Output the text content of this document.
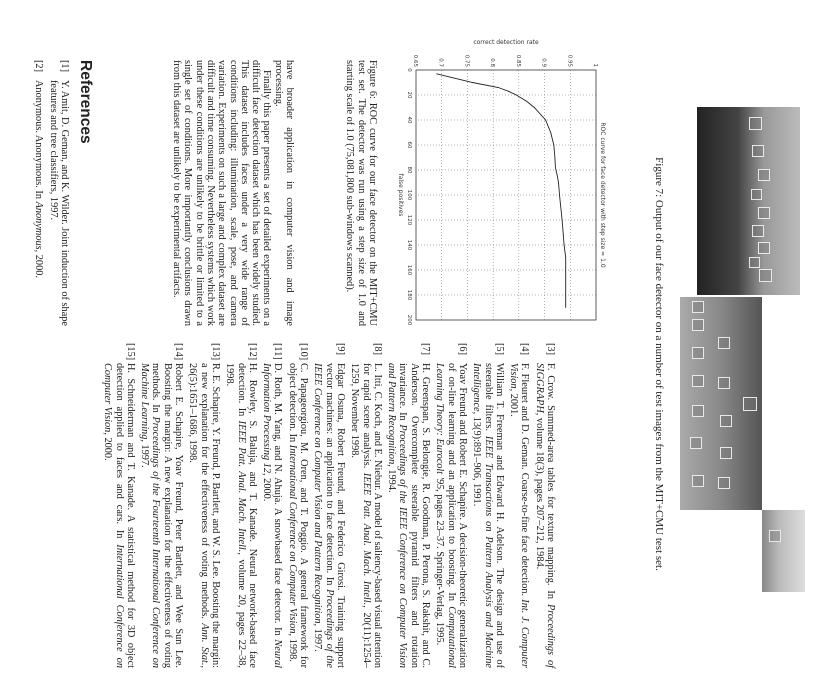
Figure 7: Output of our face detector on a number of test images from the MIT+CMU test set.
0
20
40
60
80
100
120
140
160
180
200
0.65	0.7	0.75	0.8	0.85	0.9	0.95	1
ROC curve for face detector with step size = 1.0
false positives
correct detection rate
Figure 6: ROC curve for our face detector on the MIT+CMU test set. The detector was run using a step size of 1.0 and starting scale of 1.0 (75,081,800 sub-windows scanned).

have broader application in computer vision and image processing.

Finally this paper presents a set of detailed experiments on a difficult face detection dataset which has been widely studied. This dataset includes faces under a very wide range of conditions including: illumination, scale, pose, and camera variation. Experiments on such a large and complex dataset are difficult and time consuming. Nevertheless systems which work under these conditions are unlikely to be brittle or limited to a single set of conditions. More importantly conclusions drawn from this dataset are unlikely to be experimental artifacts.

References
[1]
Y. Amit, D. Geman, and K. Wilder. Joint induction of shape features and tree classifiers, 1997.
[2]
Anonymous. Anonymous. In Anonymous, 2000.
[3]
F. Crow. Summed-area tables for texture mapping. In Proceedings of SIGGRAPH, volume 18(3), pages 207–212, 1984.
[4]
F. Fleuret and D. Geman. Coarse-to-fine face detection. Int. J. Computer Vision, 2001.
[5]
William T. Freeman and Edward H. Adelson. The design and use of steerable filters. IEEE Transactions on Pattern Analysis and Machine Intelligence, 13(9):891–906, 1991.
[6]
Yoav Freund and Robert E. Schapire. A decision-theoretic generalization of on-line learning and an application to boosting. In Computational Learning Theory: Eurocolt '95, pages 23–37. Springer-Verlag, 1995.
[7]
H. Greenspan, S. Belongie, R. Goodman, P. Perona, S. Rakshit, and C. Anderson. Overcomplete steerable pyramid filters and rotation invariance. In Proceedings of the IEEE Conference on Computer Vision and Pattern Recognition, 1994.
[8]
L. Itti, C. Koch, and E. Niebur. A model of saliency-based visual attention for rapid scene analysis. IEEE Patt. Anal. Mach. Intell., 20(11):1254–1259, November 1998.
[9]
Edgar Osuna, Robert Freund, and Federico Girosi. Training support vector machines: an application to face detection. In Proceedings of the IEEE Conference on Computer Vision and Pattern Recognition, 1997.
[10]
C. Papageorgiou, M. Oren, and T. Poggio. A general framework for object detection. In International Conference on Computer Vision, 1998.
[11]
D. Roth, M. Yang, and N. Ahuja. A snowbased face detector. In Neural Information Processing 12, 2000.
[12]
H. Rowley, S. Baluja, and T. Kanade. Neural network-based face detection. In IEEE Patt. Anal. Mach. Intell., volume 20, pages 22–38, 1998.
[13]
R. E. Schapire, Y. Freund, P. Bartlett, and W. S. Lee. Boosting the margin: a new explanation for the effectiveness of voting methods. Ann. Stat., 26(5):1651–1686, 1998.
[14]
Robert E. Schapire, Yoav Freund, Peter Bartlett, and Wee Sun Lee. Boosting the margin: A new explanation for the effectiveness of voting methods. In Proceedings of the Fourteenth International Conference on Machine Learning, 1997.
[15]
H. Schneiderman and T. Kanade. A statistical method for 3D object detection applied to faces and cars. In International Conference on Computer Vision, 2000.
